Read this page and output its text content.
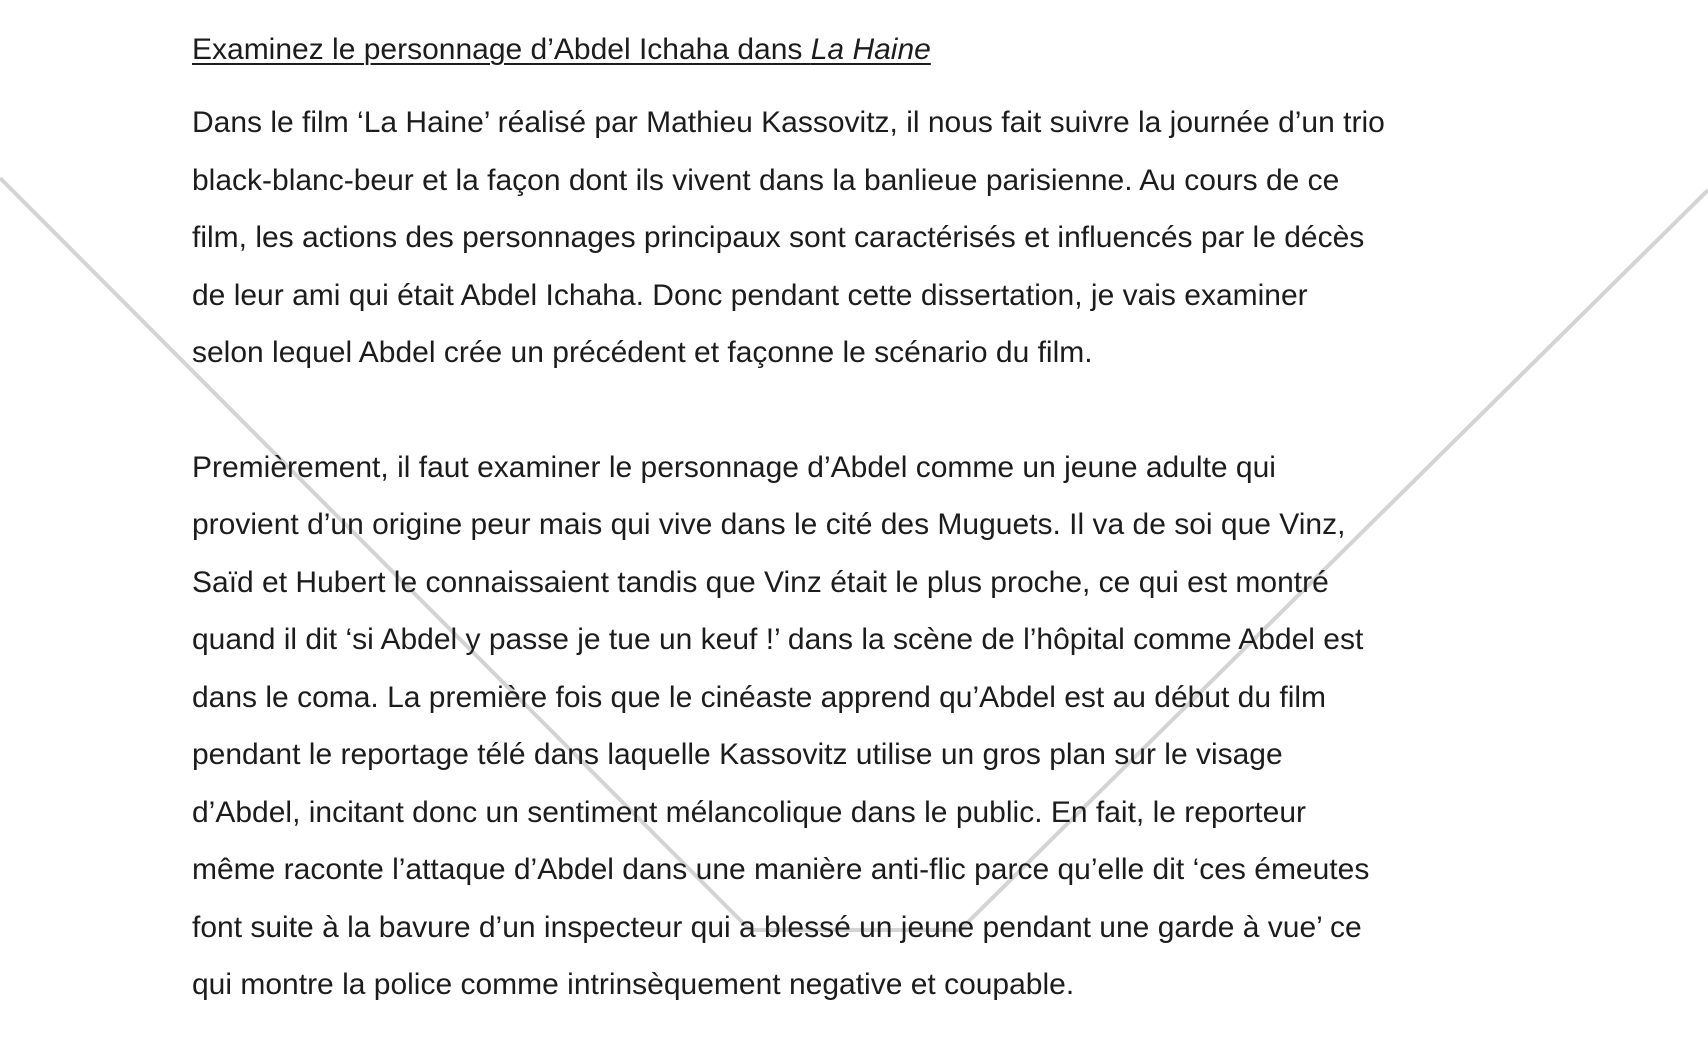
Examinez le personnage d’Abdel Ichaha dans La Haine

Dans le film ‘La Haine’ réalisé par Mathieu Kassovitz, il nous fait suivre la journée d’un trio
black-blanc-beur et la façon dont ils vivent dans la banlieue parisienne. Au cours de ce
film, les actions des personnages principaux sont caractérisés et influencés par le décès
de leur ami qui était Abdel Ichaha. Donc pendant cette dissertation, je vais examiner
selon lequel Abdel crée un précédent et façonne le scénario du film.

Premièrement, il faut examiner le personnage d’Abdel comme un jeune adulte qui
provient d’un origine peur mais qui vive dans le cité des Muguets. Il va de soi que Vinz,
Saïd et Hubert le connaissaient tandis que Vinz était le plus proche, ce qui est montré
quand il dit ‘si Abdel y passe je tue un keuf !’ dans la scène de l’hôpital comme Abdel est
dans le coma. La première fois que le cinéaste apprend qu’Abdel est au début du film
pendant le reportage télé dans laquelle Kassovitz utilise un gros plan sur le visage
d’Abdel, incitant donc un sentiment mélancolique dans le public. En fait, le reporteur
même raconte l’attaque d’Abdel dans une manière anti-flic parce qu’elle dit ‘ces émeutes
font suite à la bavure d’un inspecteur qui a blessé un jeune pendant une garde à vue’ ce
qui montre la police comme intrinsèquement negative et coupable.
